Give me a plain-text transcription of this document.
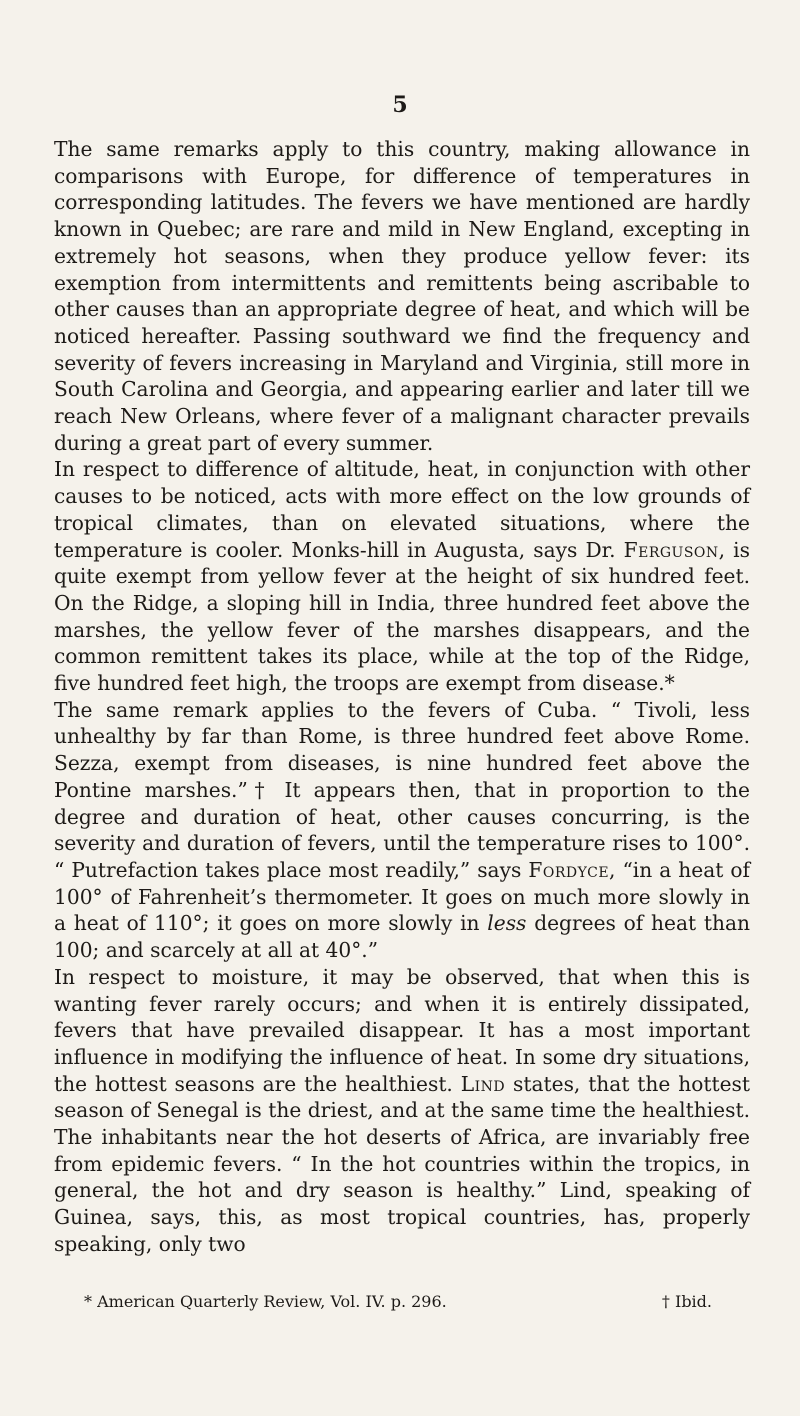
5

The same remarks apply to this country, making allowance in comparisons with Europe, for difference of temperatures in corresponding latitudes. The fevers we have mentioned are hardly known in Quebec; are rare and mild in New England, excepting in extremely hot seasons, when they produce yellow fever: its exemption from intermittents and remittents being ascribable to other causes than an appropriate degree of heat, and which will be noticed hereafter. Passing southward we find the frequency and severity of fevers increasing in Maryland and Virginia, still more in South Carolina and Georgia, and appearing earlier and later till we reach New Orleans, where fever of a malignant character prevails during a great part of every summer.

In respect to difference of altitude, heat, in conjunction with other causes to be noticed, acts with more effect on the low grounds of tropical climates, than on elevated situations, where the temperature is cooler. Monks-hill in Augusta, says Dr. Ferguson, is quite exempt from yellow fever at the height of six hundred feet. On the Ridge, a sloping hill in India, three hundred feet above the marshes, the yellow fever of the marshes disappears, and the common remittent takes its place, while at the top of the Ridge, five hundred feet high, the troops are exempt from disease.*

The same remark applies to the fevers of Cuba. “ Tivoli, less unhealthy by far than Rome, is three hundred feet above Rome. Sezza, exempt from diseases, is nine hundred feet above the Pontine marshes.”† It appears then, that in proportion to the degree and duration of heat, other causes concurring, is the severity and duration of fevers, until the temperature rises to 100°. “ Putrefaction takes place most readily,” says Fordyce, “in a heat of 100° of Fahrenheit’s thermometer. It goes on much more slowly in a heat of 110°; it goes on more slowly in less degrees of heat than 100; and scarcely at all at 40°.”

In respect to moisture, it may be observed, that when this is wanting fever rarely occurs; and when it is entirely dissipated, fevers that have prevailed disappear. It has a most important influence in modifying the influence of heat. In some dry situations, the hottest seasons are the healthiest. Lind states, that the hottest season of Senegal is the driest, and at the same time the healthiest. The inhabitants near the hot deserts of Africa, are invariably free from epidemic fevers. “ In the hot countries within the tropics, in general, the hot and dry season is healthy.” Lind, speaking of Guinea, says, this, as most tropical countries, has, properly speaking, only two

* American Quarterly Review, Vol. IV. p. 296.	† Ibid.
